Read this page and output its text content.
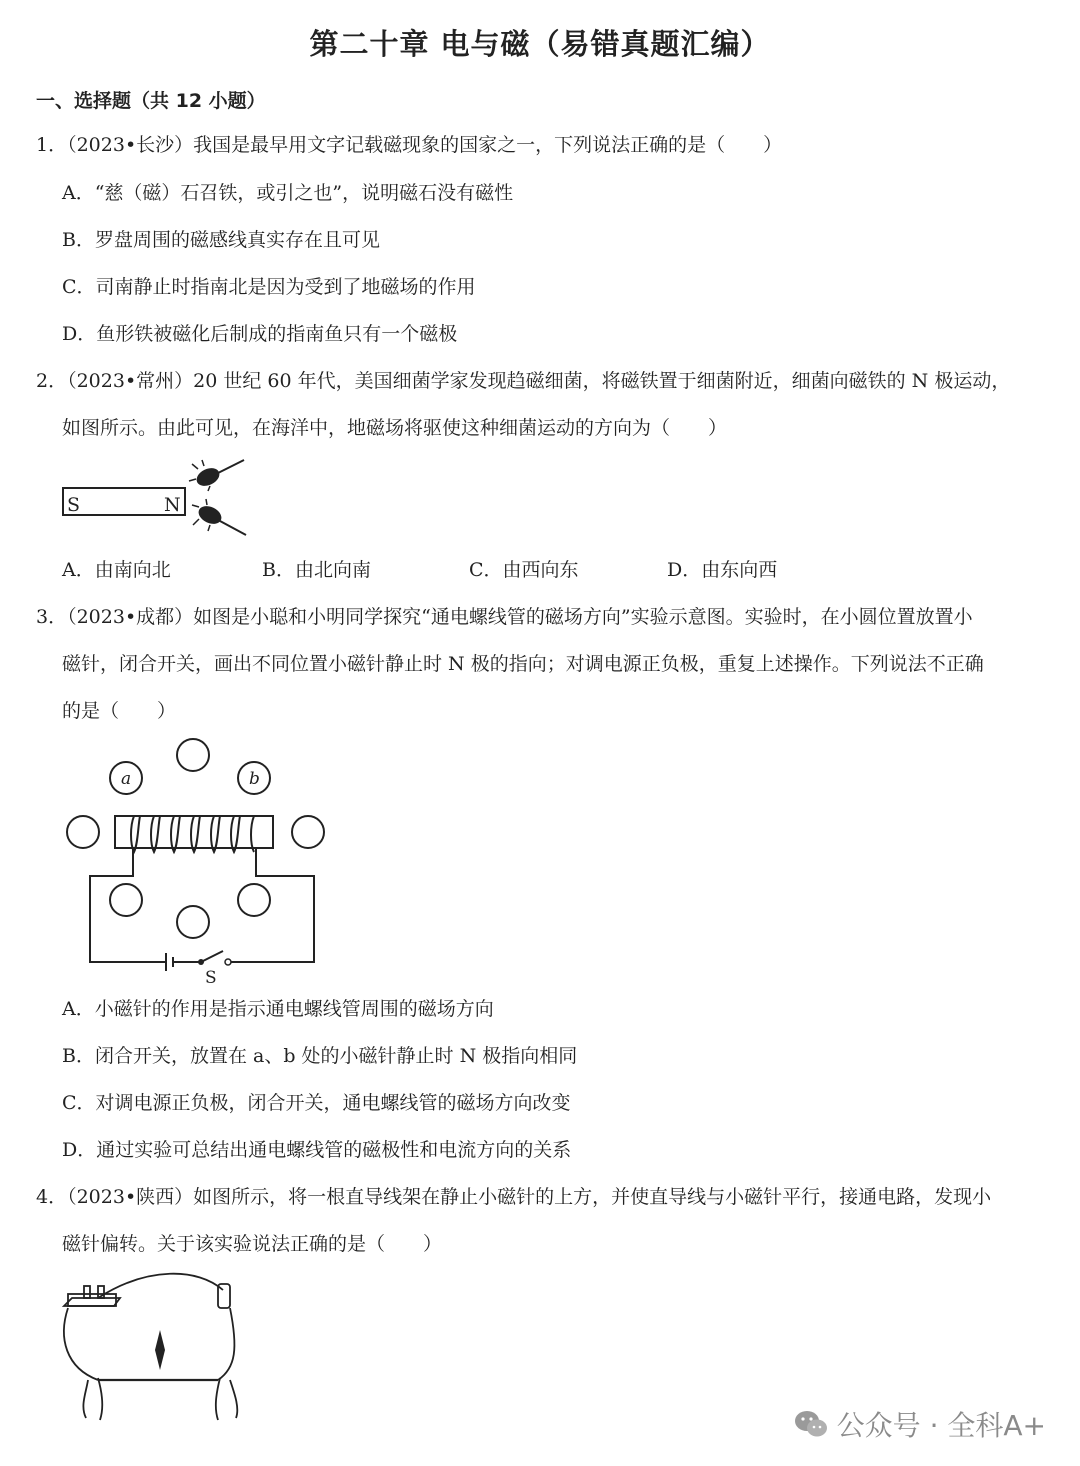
第二十章 电与磁（易错真题汇编）
一、选择题（共 12 小题）
1．（2023•长沙）我国是最早用文字记载磁现象的国家之一，下列说法正确的是（　　）
A．“慈（磁）石召铁，或引之也”，说明磁石没有磁性
B．罗盘周围的磁感线真实存在且可见
C．司南静止时指南北是因为受到了地磁场的作用
D．鱼形铁被磁化后制成的指南鱼只有一个磁极
2．（2023•常州）20 世纪 60 年代，美国细菌学家发现趋磁细菌，将磁铁置于细菌附近，细菌向磁铁的 N 极运动，
如图所示。由此可见，在海洋中，地磁场将驱使这种细菌运动的方向为（　　）
S	N
A．由南向北	B．由北向南	C．由西向东	D．由东向西
3．（2023•成都）如图是小聪和小明同学探究“通电螺线管的磁场方向”实验示意图。实验时，在小圆位置放置小
磁针，闭合开关，画出不同位置小磁针静止时 N 极的指向；对调电源正负极，重复上述操作。下列说法不正确
的是（　　）
a	b
S
A．小磁针的作用是指示通电螺线管周围的磁场方向
B．闭合开关，放置在 a、b 处的小磁针静止时 N 极指向相同
C．对调电源正负极，闭合开关，通电螺线管的磁场方向改变
D．通过实验可总结出通电螺线管的磁极性和电流方向的关系
4．（2023•陕西）如图所示，将一根直导线架在静止小磁针的上方，并使直导线与小磁针平行，接通电路，发现小
磁针偏转。关于该实验说法正确的是（　　）
公众号 · 全科A+
